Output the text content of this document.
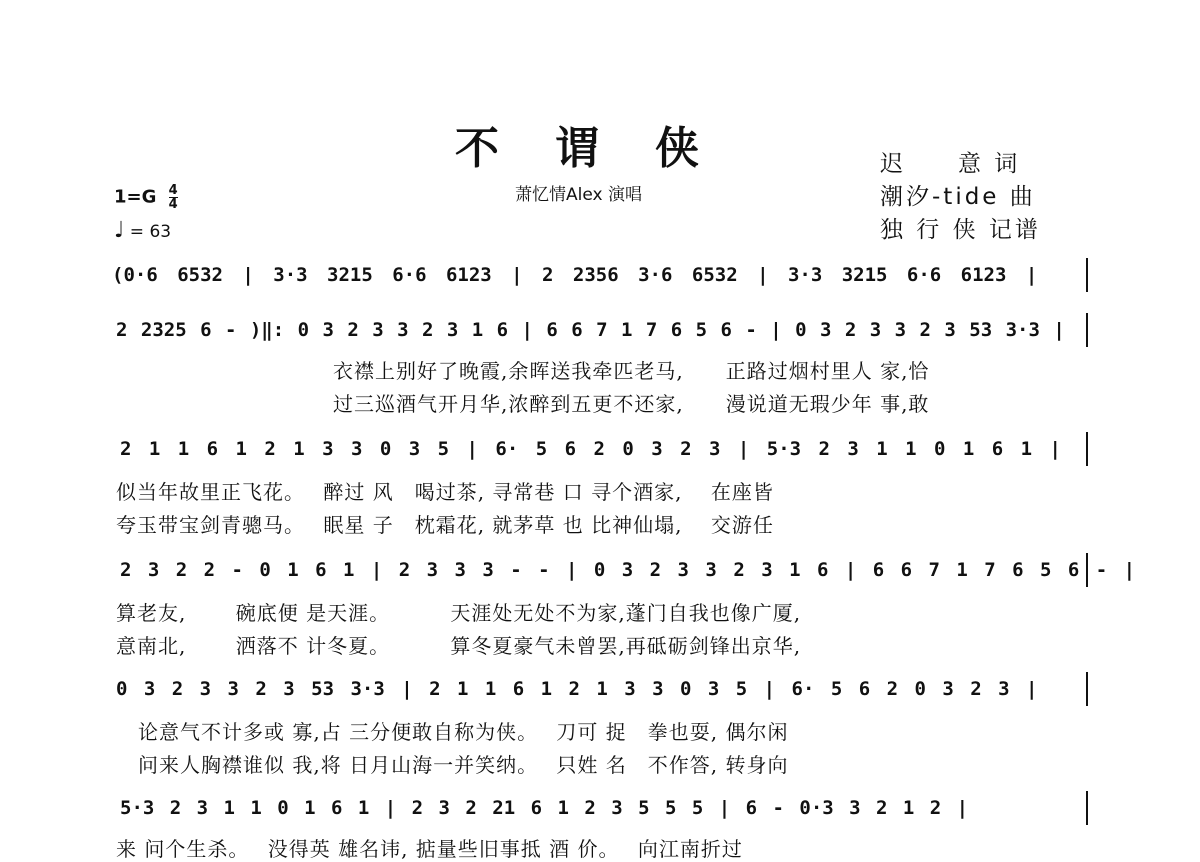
不谓侠
萧忆情Alex 演唱
迟　　意 词
潮汐-tide 曲
独 行 侠 记谱
$1=G \frac{4}{4}$
♩ = 63
(0·6 6532 | 3·3 3215 6·6 6123 | 2 2356 3·6 6532 | 3·3 3215 6·6 6123 |
2 2325 6 - )‖: 0 3 2 3 3 2 3 1 6 | 6 6 7 1 7 6 5 6 - | 0 3 2 3 3 2 3 53 3·3 |
衣襟上别好了晚霞,余晖送我牵匹老马,　　正路过烟村里人 家,恰
过三巡酒气开月华,浓醉到五更不还家,　　漫说道无瑕少年 事,敢
2 1 1 6 1 2 1 3 3 0 3 5 | 6· 5 6 2 0 3 2 3 | 5·3 2 3 1 1 0 1 6 1 |
似当年故里正飞花。　 醉过 风　喝过茶, 寻常巷 口 寻个酒家,　 在座皆
夸玉带宝剑青骢马。　 眠星 子　枕霜花, 就茅草 也 比神仙塌,　 交游任
2 3 2 2 - 0 1 6 1 | 2 3 3 3 - - | 0 3 2 3 3 2 3 1 6 | 6 6 7 1 7 6 5 6 - |
算老友,　　 碗底便 是天涯。　　　 天涯处无处不为家,蓬门自我也像广厦,
意南北,　　 洒落不 计冬夏。　　　 算冬夏豪气未曾罢,再砥砺剑锋出京华,
0 3 2 3 3 2 3 53 3·3 | 2 1 1 6 1 2 1 3 3 0 3 5 | 6· 5 6 2 0 3 2 3 |
论意气不计多或 寡,占 三分便敢自称为侠。　 刀可 捉　拳也耍, 偶尔闲
问来人胸襟谁似 我,将 日月山海一并笑纳。　 只姓 名　不作答, 转身向
5·3 2 3 1 1 0 1 6 1 | 2 3 2 21 6 1 2 3 5 5 5 | 6 - 0·3 3 2 1 2 |
来 问个生杀。　 没得英 雄名讳, 掂量些旧事抵 酒 价。　 向江南折过
